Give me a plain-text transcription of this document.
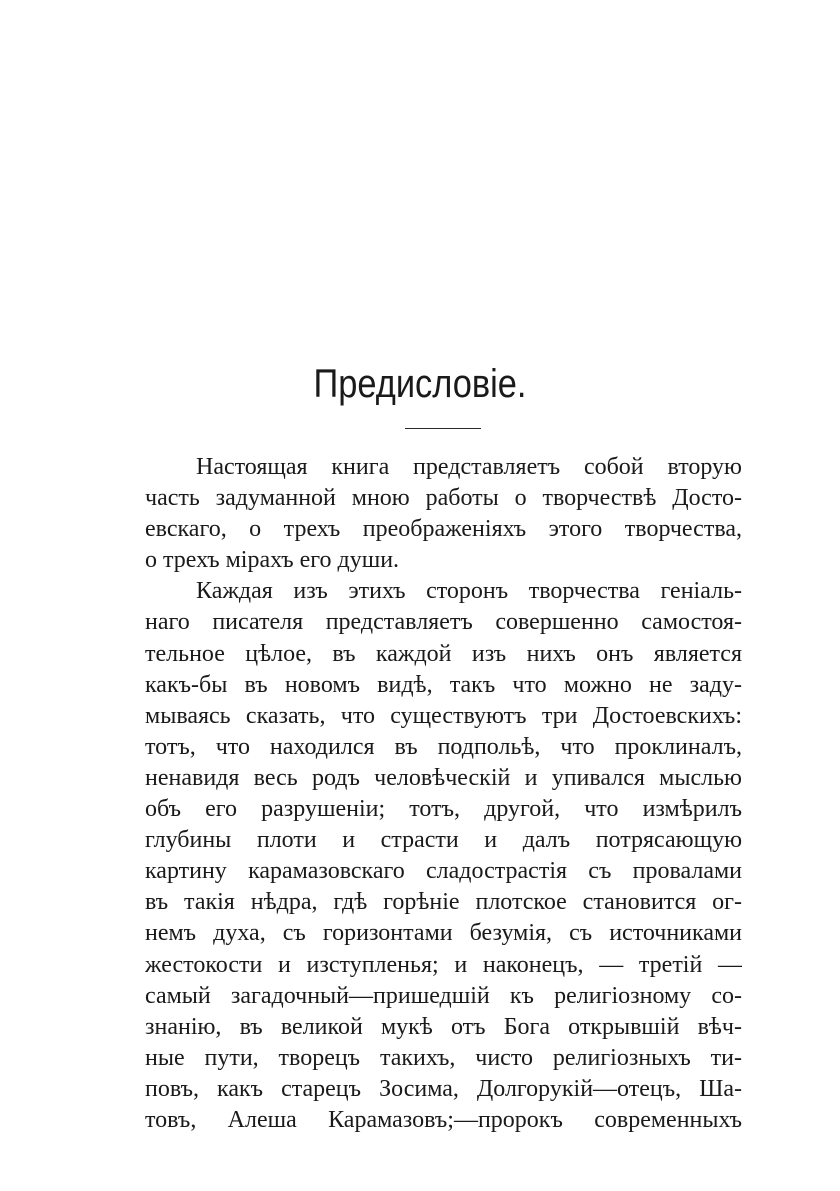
Предисловіе.
Настоящая книга представляетъ собой вторую
часть задуманной мною работы о творчествѣ Досто-
евскаго, о трехъ преображеніяхъ этого творчества,
о трехъ мірахъ его души.
Каждая изъ этихъ сторонъ творчества геніаль-
наго писателя представляетъ совершенно самостоя-
тельное цѣлое, въ каждой изъ нихъ онъ является
какъ-бы въ новомъ видѣ, такъ что можно не заду-
мываясь сказать, что существуютъ три Достоевскихъ:
тотъ, что находился въ подпольѣ, что проклиналъ,
ненавидя весь родъ человѣческій и упивался мыслью
объ его разрушеніи; тотъ, другой, что измѣрилъ
глубины плоти и страсти и далъ потрясающую
картину карамазовскаго сладострастія съ провалами
въ такія нѣдра, гдѣ горѣніе плотское становится ог-
немъ духа, съ горизонтами безумія, съ источниками
жестокости и изступленья; и наконецъ, — третій —
самый загадочный—пришедшій къ религіозному со-
знанію, въ великой мукѣ отъ Бога открывшій вѣч-
ные пути, творецъ такихъ, чисто религіозныхъ ти-
повъ, какъ старецъ Зосима, Долгорукій—отецъ, Ша-
товъ, Алеша Карамазовъ;—пророкъ современныхъ
